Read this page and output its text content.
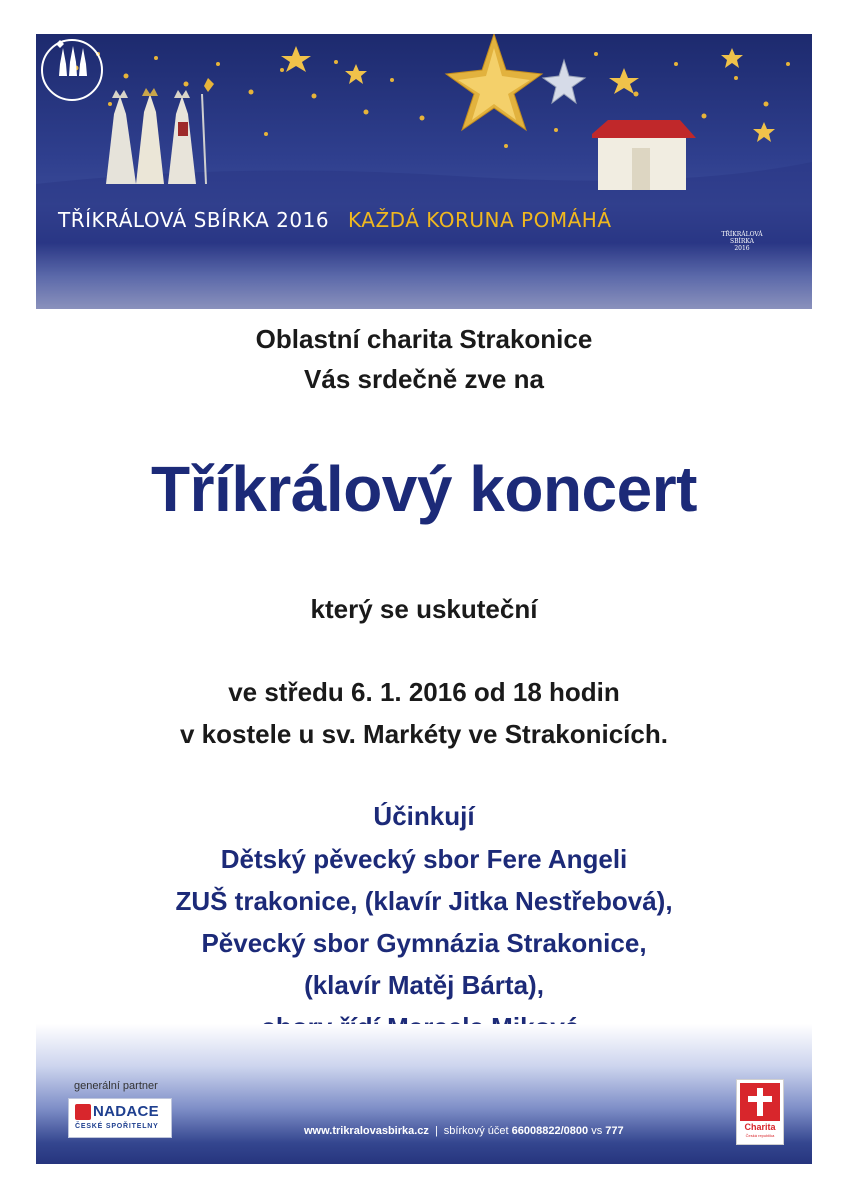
TŘÍKRÁLOVÁ SBÍRKA 2016 KAŽDÁ KORUNA POMÁHÁ
TŘÍKRÁLOVÁ
SBÍRKA
2016
Oblastní charita Strakonice
Vás srdečně zve na
Tříkrálový koncert
který se uskuteční
ve středu 6. 1. 2016 od 18 hodin
v kostele u sv. Markéty ve Strakonicích.
Účinkují
Dětský pěvecký sbor Fere Angeli
ZUŠ trakonice, (klavír Jitka Nestřebová),
Pěvecký sbor Gymnázia Strakonice,
(klavír Matěj Bárta),
generální partner
NADACE
ČESKÉ SPOŘITELNY	www.trikralovasbirka.cz | sbírkový účet 66008822/0800 vs 777	Charita
Česká republika
